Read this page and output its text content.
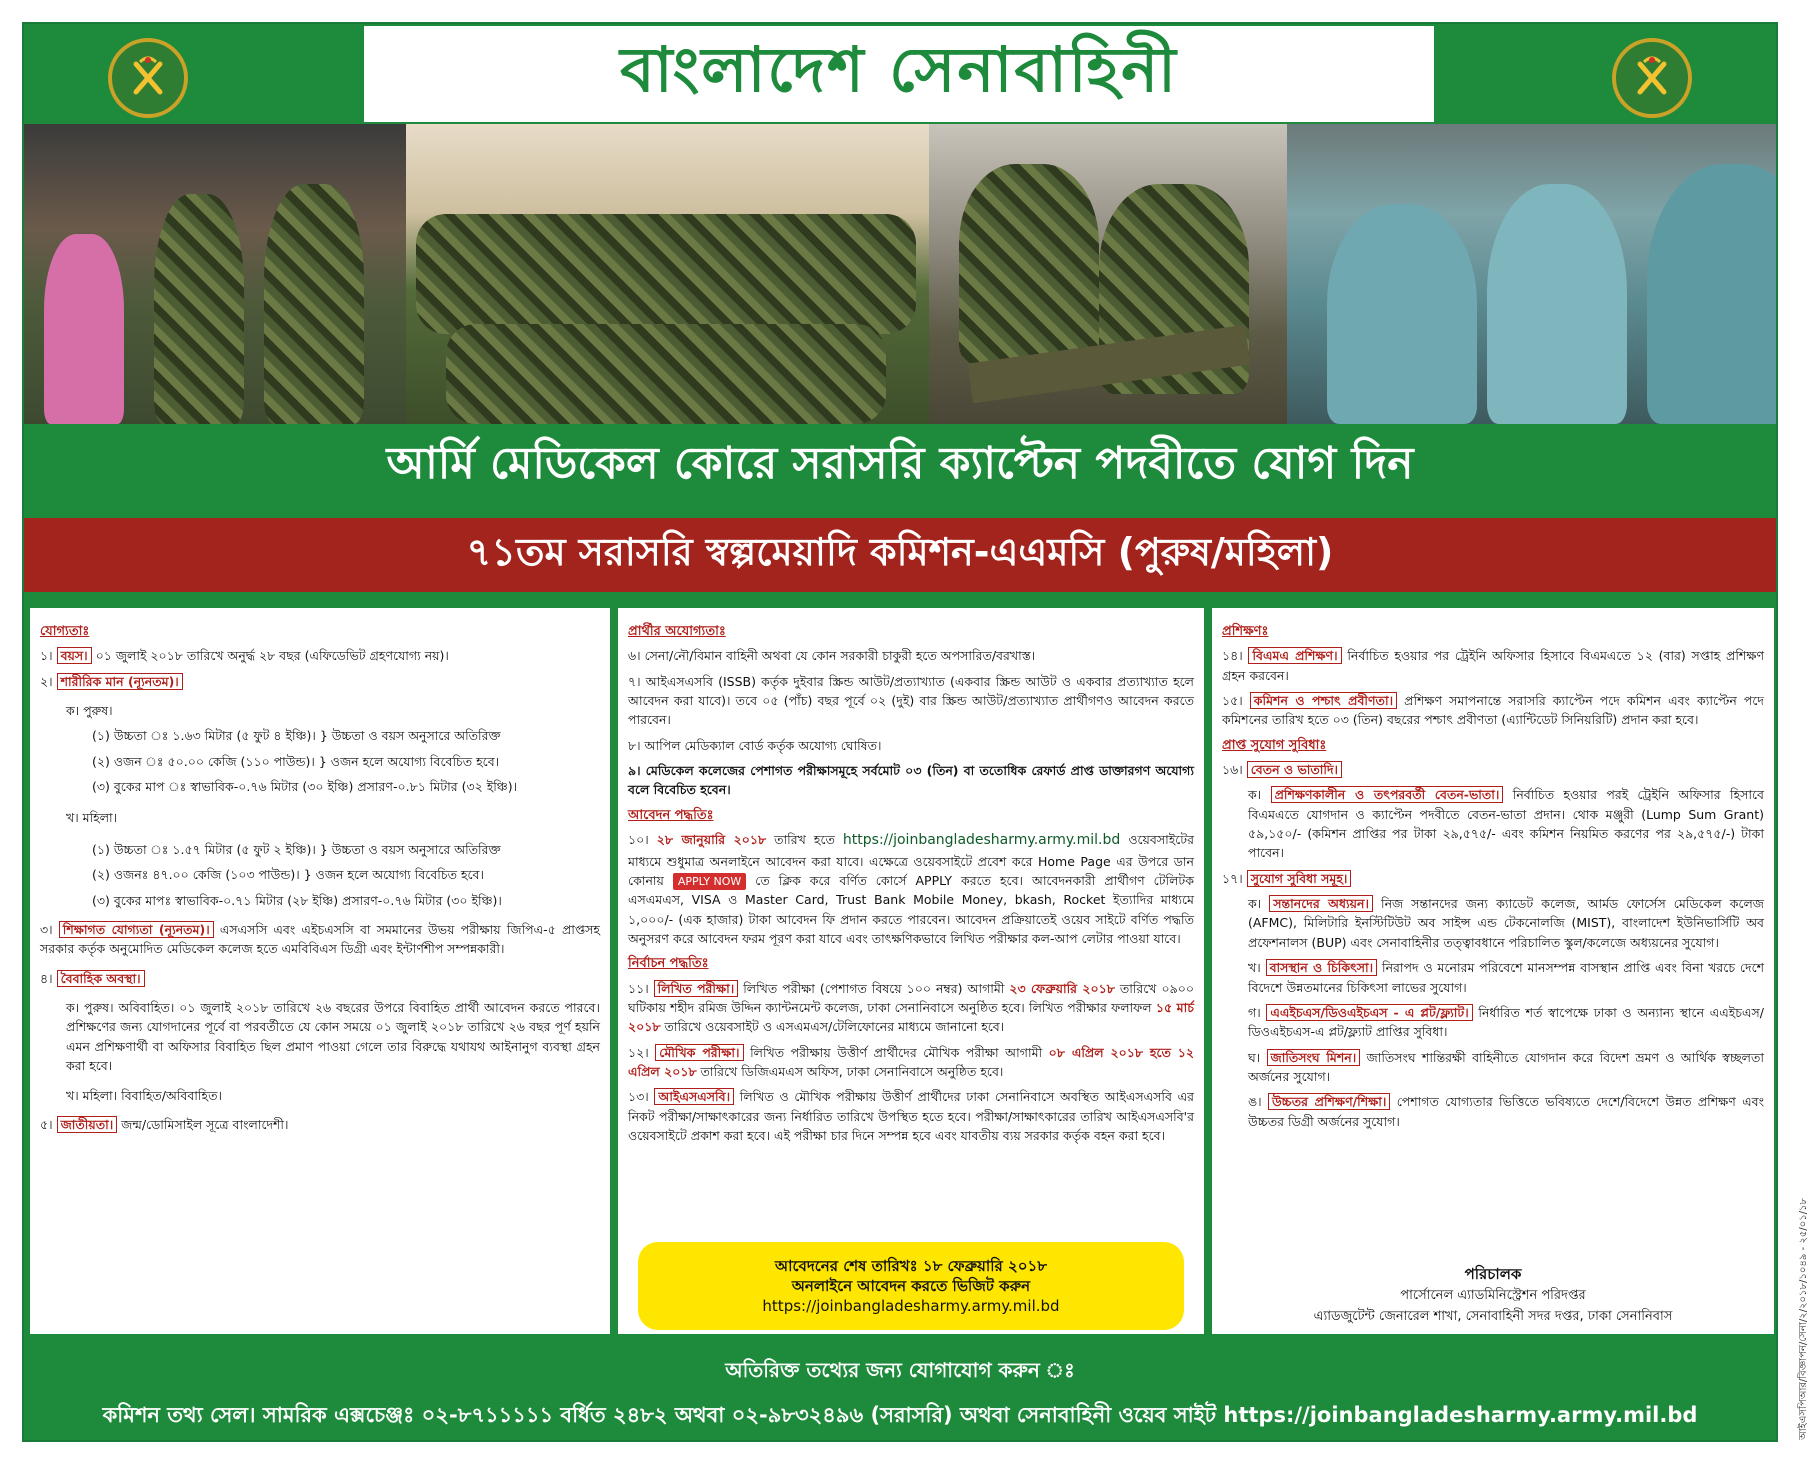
বাংলাদেশ সেনাবাহিনী
আর্মি মেডিকেল কোরে সরাসরি ক্যাপ্টেন পদবীতে যোগ দিন
৭১তম সরাসরি স্বল্পমেয়াদি কমিশন-এএমসি (পুরুষ/মহিলা)
যোগ্যতাঃ

১। বয়স। ০১ জুলাই ২০১৮ তারিখে অনুর্দ্ধ ২৮ বছর (এফিডেভিট গ্রহণযোগ্য নয়)।

২। শারীরিক মান (ন্যূনতম)।

ক। পুরুষ।

(১) উচ্চতা ঃ ১.৬৩ মিটার (৫ ফুট ৪ ইঞ্চি)। } উচ্চতা ও বয়স অনুসারে অতিরিক্ত

(২) ওজন ঃ ৫০.০০ কেজি (১১০ পাউন্ড)। } ওজন হলে অযোগ্য বিবেচিত হবে।

(৩) বুকের মাপ ঃ স্বাভাবিক-০.৭৬ মিটার (৩০ ইঞ্চি) প্রসারণ-০.৮১ মিটার (৩২ ইঞ্চি)।

খ। মহিলা।

(১) উচ্চতা ঃ ১.৫৭ মিটার (৫ ফুট ২ ইঞ্চি)। } উচ্চতা ও বয়স অনুসারে অতিরিক্ত

(২) ওজনঃ ৪৭.০০ কেজি (১০৩ পাউন্ড)। } ওজন হলে অযোগ্য বিবেচিত হবে।

(৩) বুকের মাপঃ স্বাভাবিক-০.৭১ মিটার (২৮ ইঞ্চি) প্রসারণ-০.৭৬ মিটার (৩০ ইঞ্চি)।

৩। শিক্ষাগত যোগ্যতা (ন্যূনতম)। এসএসসি এবং এইচএসসি বা সমমানের উভয় পরীক্ষায় জিপিএ-৫ প্রাপ্তসহ সরকার কর্তৃক অনুমোদিত মেডিকেল কলেজ হতে এমবিবিএস ডিগ্রী এবং ইন্টার্ণশীপ সম্পন্নকারী।

৪। বৈবাহিক অবস্থা।

ক। পুরুষ। অবিবাহিত। ০১ জুলাই ২০১৮ তারিখে ২৬ বছরের উপরে বিবাহিত প্রার্থী আবেদন করতে পারবে। প্রশিক্ষণের জন্য যোগদানের পূর্বে বা পরবর্তীতে যে কোন সময়ে ০১ জুলাই ২০১৮ তারিখে ২৬ বছর পূর্ণ হয়নি এমন প্রশিক্ষণার্থী বা অফিসার বিবাহিত ছিল প্রমাণ পাওয়া গেলে তার বিরুদ্ধে যথাযথ আইনানুগ ব্যবস্থা গ্রহন করা হবে।

খ। মহিলা। বিবাহিত/অবিবাহিত।

৫। জাতীয়তা। জন্ম/ডোমিসাইল সূত্রে বাংলাদেশী।

প্রার্থীর অযোগ্যতাঃ

৬। সেনা/নৌ/বিমান বাহিনী অথবা যে কোন সরকারী চাকুরী হতে অপসারিত/বরখাস্ত।

৭। আইএসএসবি (ISSB) কর্তৃক দুইবার স্ক্রিন্ড আউট/প্রত্যাখ্যাত (একবার স্ক্রিন্ড আউট ও একবার প্রত্যাখ্যাত হলে আবেদন করা যাবে)। তবে ০৫ (পাঁচ) বছর পূর্বে ০২ (দুই) বার স্ক্রিন্ড আউট/প্রত্যাখ্যাত প্রার্থীগণও আবেদন করতে পারবেন।

৮। আপিল মেডিক্যাল বোর্ড কর্তৃক অযোগ্য ঘোষিত।

৯। মেডিকেল কলেজের পেশাগত পরীক্ষাসমূহে সর্বমোট ০৩ (তিন) বা ততোধিক রেফার্ড প্রাপ্ত ডাক্তারগণ অযোগ্য বলে বিবেচিত হবেন।

আবেদন পদ্ধতিঃ

১০। ২৮ জানুয়ারি ২০১৮ তারিখ হতে https://joinbangladesharmy.army.mil.bd ওয়েবসাইটের মাধ্যমে শুধুমাত্র অনলাইনে আবেদন করা যাবে। এক্ষেত্রে ওয়েবসাইটে প্রবেশ করে Home Page এর উপরে ডান কোনায় APPLY NOW তে ক্লিক করে বর্ণিত কোর্সে APPLY করতে হবে। আবেদনকারী প্রার্থীগণ টেলিটক এসএমএস, VISA ও Master Card, Trust Bank Mobile Money, bkash, Rocket ইত্যাদির মাধ্যমে ১,০০০/- (এক হাজার) টাকা আবেদন ফি প্রদান করতে পারবেন। আবেদন প্রক্রিয়াতেই ওয়েব সাইটে বর্ণিত পদ্ধতি অনুসরণ করে আবেদন ফরম পূরণ করা যাবে এবং তাৎক্ষণিকভাবে লিখিত পরীক্ষার কল-আপ লেটার পাওয়া যাবে।

নির্বাচন পদ্ধতিঃ

১১। লিখিত পরীক্ষা। লিখিত পরীক্ষা (পেশাগত বিষয়ে ১০০ নম্বর) আগামী ২৩ ফেব্রুয়ারি ২০১৮ তারিখে ০৯০০ ঘটিকায় শহীদ রমিজ উদ্দিন ক্যান্টনমেন্ট কলেজ, ঢাকা সেনানিবাসে অনুষ্ঠিত হবে। লিখিত পরীক্ষার ফলাফল ১৫ মার্চ ২০১৮ তারিখে ওয়েবসাইট ও এসএমএস/টেলিফোনের মাধ্যমে জানানো হবে।

১২। মৌখিক পরীক্ষা। লিখিত পরীক্ষায় উত্তীর্ণ প্রার্থীদের মৌখিক পরীক্ষা আগামী ০৮ এপ্রিল ২০১৮ হতে ১২ এপ্রিল ২০১৮ তারিখে ডিজিএমএস অফিস, ঢাকা সেনানিবাসে অনুষ্ঠিত হবে।

১৩। আইএসএসবি। লিখিত ও মৌখিক পরীক্ষায় উত্তীর্ণ প্রার্থীদের ঢাকা সেনানিবাসে অবস্থিত আইএসএসবি এর নিকট পরীক্ষা/সাক্ষাৎকারের জন্য নির্ধারিত তারিখে উপস্থিত হতে হবে। পরীক্ষা/সাক্ষাৎকারের তারিখ আইএসএসবি'র ওয়েবসাইটে প্রকাশ করা হবে। এই পরীক্ষা চার দিনে সম্পন্ন হবে এবং যাবতীয় ব্যয় সরকার কর্তৃক বহন করা হবে।

আবেদনের শেষ তারিখঃ ১৮ ফেব্রুয়ারি ২০১৮
অনলাইনে আবেদন করতে ভিজিট করুন
https://joinbangladesharmy.army.mil.bd
প্রশিক্ষণঃ

১৪। বিএমএ প্রশিক্ষণ। নির্বাচিত হওয়ার পর ট্রেইনি অফিসার হিসাবে বিএমএতে ১২ (বার) সপ্তাহ প্রশিক্ষণ গ্রহন করবেন।

১৫। কমিশন ও পশ্চাৎ প্রবীণতা। প্রশিক্ষণ সমাপনান্তে সরাসরি ক্যাপ্টেন পদে কমিশন এবং ক্যাপ্টেন পদে কমিশনের তারিখ হতে ০৩ (তিন) বছরের পশ্চাৎ প্রবীণতা (এ্যান্টিডেট সিনিয়রিটি) প্রদান করা হবে।

প্রাপ্ত সুযোগ সুবিধাঃ

১৬। বেতন ও ভাতাদি।

ক। প্রশিক্ষণকালীন ও তৎপরবর্তী বেতন-ভাতা। নির্বাচিত হওয়ার পরই ট্রেইনি অফিসার হিসাবে বিএমএতে যোগদান ও ক্যাপ্টেন পদবীতে বেতন-ভাতা প্রদান। থোক মঞ্জুরী (Lump Sum Grant) ৫৯,১৫০/- (কমিশন প্রাপ্তির পর টাকা ২৯,৫৭৫/- এবং কমিশন নিয়মিত করণের পর ২৯,৫৭৫/-) টাকা পাবেন।

১৭। সুযোগ সুবিধা সমূহ।

ক। সন্তানদের অধ্যয়ন। নিজ সন্তানদের জন্য ক্যাডেট কলেজ, আর্মড ফোর্সেস মেডিকেল কলেজ (AFMC), মিলিটারি ইনস্টিটিউট অব সাইন্স এন্ড টেকনোলজি (MIST), বাংলাদেশ ইউনিভার্সিটি অব প্রফেশনালস (BUP) এবং সেনাবাহিনীর তত্ত্বাবধানে পরিচালিত স্কুল/কলেজে অধ্যয়নের সুযোগ।

খ। বাসস্থান ও চিকিৎসা। নিরাপদ ও মনোরম পরিবেশে মানসম্পন্ন বাসস্থান প্রাপ্তি এবং বিনা খরচে দেশে বিদেশে উন্নতমানের চিকিৎসা লাভের সুযোগ।

গ। এএইচএস/ডিওএইচএস - এ প্লট/ফ্ল্যাট। নির্ধারিত শর্ত স্বাপেক্ষে ঢাকা ও অন্যান্য স্থানে এএইচএস/ডিওএইচএস-এ প্লট/ফ্ল্যাট প্রাপ্তির সুবিধা।

ঘ। জাতিসংঘ মিশন। জাতিসংঘ শান্তিরক্ষী বাহিনীতে যোগদান করে বিদেশ ভ্রমণ ও আর্থিক স্বচ্ছলতা অর্জনের সুযোগ।

ঙ। উচ্চতর প্রশিক্ষণ/শিক্ষা। পেশাগত যোগ্যতার ভিত্তিতে ভবিষ্যতে দেশে/বিদেশে উন্নত প্রশিক্ষণ এবং উচ্চতর ডিগ্রী অর্জনের সুযোগ।

পরিচালক
পার্সোনেল এ্যাডমিনিস্ট্রেশন পরিদপ্তর
এ্যাডজুটেন্ট জেনারেল শাখা, সেনাবাহিনী সদর দপ্তর, ঢাকা সেনানিবাস
অতিরিক্ত তথ্যের জন্য যোগাযোগ করুন ঃ
কমিশন তথ্য সেল। সামরিক এক্সচেঞ্জঃ ০২-৮৭১১১১১ বর্ধিত ২৪৮২ অথবা ০২-৯৮৩২৪৯৬ (সরাসরি) অথবা সেনাবাহিনী ওয়েব সাইট https://joinbangladesharmy.army.mil.bd	আইএসপিআর/বিজ্ঞাপন/সেনা/২/২০১৮/১০৪৯ - ২৫/০১/১৮
